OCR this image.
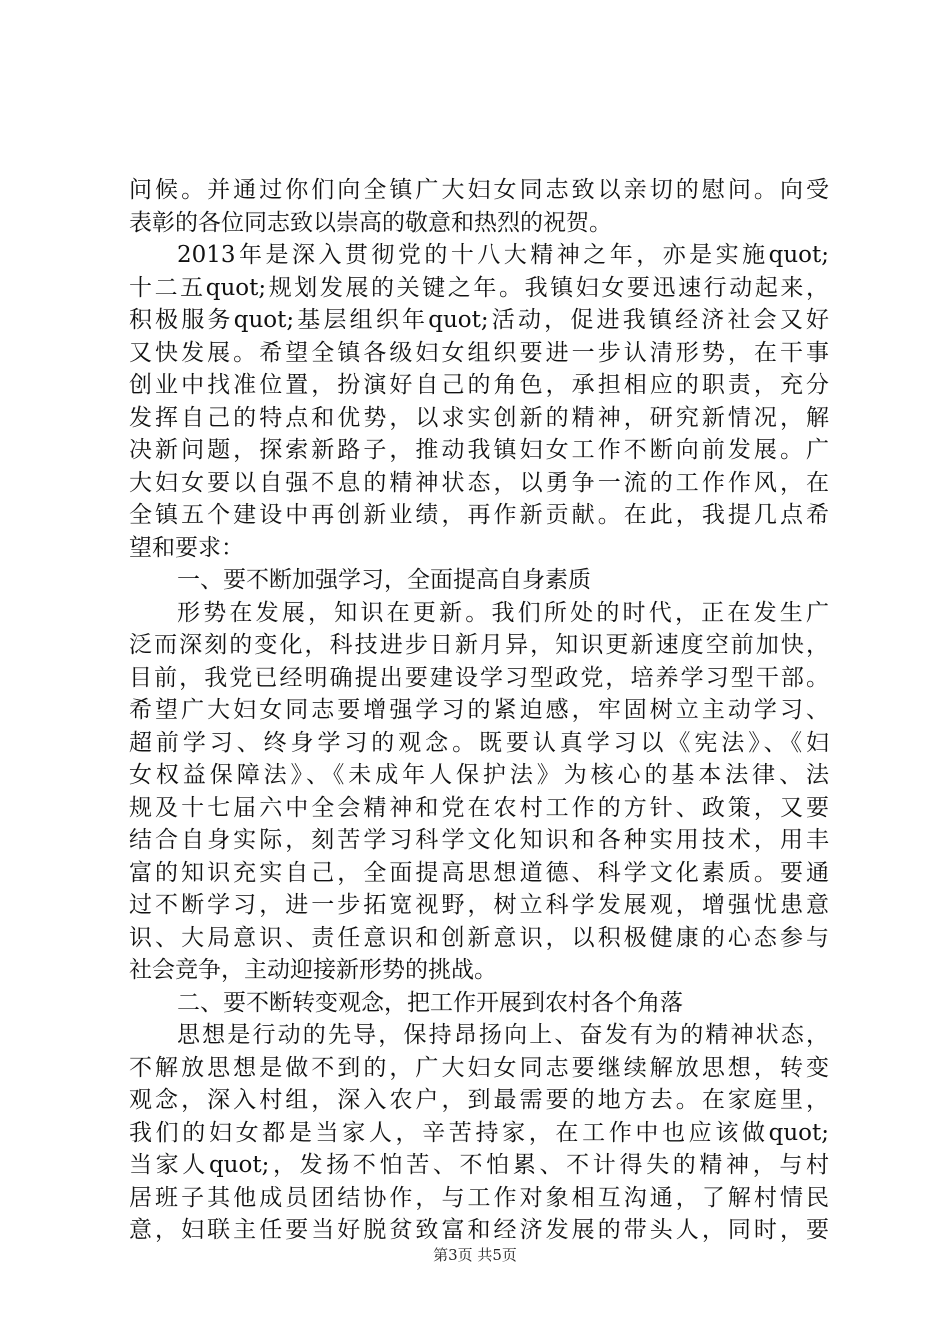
问候。并通过你们向全镇广大妇女同志致以亲切的慰问。向受
表彰的各位同志致以崇高的敬意和热烈的祝贺。
2013年是深入贯彻党的十八大精神之年，亦是实施quot;
十二五quot;规划发展的关键之年。我镇妇女要迅速行动起来，
积极服务quot;基层组织年quot;活动，促进我镇经济社会又好
又快发展。希望全镇各级妇女组织要进一步认清形势，在干事
创业中找准位置，扮演好自己的角色，承担相应的职责，充分
发挥自己的特点和优势，以求实创新的精神，研究新情况，解
决新问题，探索新路子，推动我镇妇女工作不断向前发展。广
大妇女要以自强不息的精神状态，以勇争一流的工作作风，在
全镇五个建设中再创新业绩，再作新贡献。在此，我提几点希
望和要求：
一、要不断加强学习，全面提高自身素质
形势在发展，知识在更新。我们所处的时代，正在发生广
泛而深刻的变化，科技进步日新月异，知识更新速度空前加快，
目前，我党已经明确提出要建设学习型政党，培养学习型干部。
希望广大妇女同志要增强学习的紧迫感，牢固树立主动学习、
超前学习、终身学习的观念。既要认真学习以《宪法》、《妇
女权益保障法》、《未成年人保护法》为核心的基本法律、法
规及十七届六中全会精神和党在农村工作的方针、政策，又要
结合自身实际，刻苦学习科学文化知识和各种实用技术，用丰
富的知识充实自己，全面提高思想道德、科学文化素质。要通
过不断学习，进一步拓宽视野，树立科学发展观，增强忧患意
识、大局意识、责任意识和创新意识，以积极健康的心态参与
社会竞争，主动迎接新形势的挑战。
二、要不断转变观念，把工作开展到农村各个角落
思想是行动的先导，保持昂扬向上、奋发有为的精神状态，
不解放思想是做不到的，广大妇女同志要继续解放思想，转变
观念，深入村组，深入农户，到最需要的地方去。在家庭里，
我们的妇女都是当家人，辛苦持家，在工作中也应该做quot;
当家人quot;，发扬不怕苦、不怕累、不计得失的精神，与村
居班子其他成员团结协作，与工作对象相互沟通，了解村情民
意，妇联主任要当好脱贫致富和经济发展的带头人，同时，要
第3页 共5页
